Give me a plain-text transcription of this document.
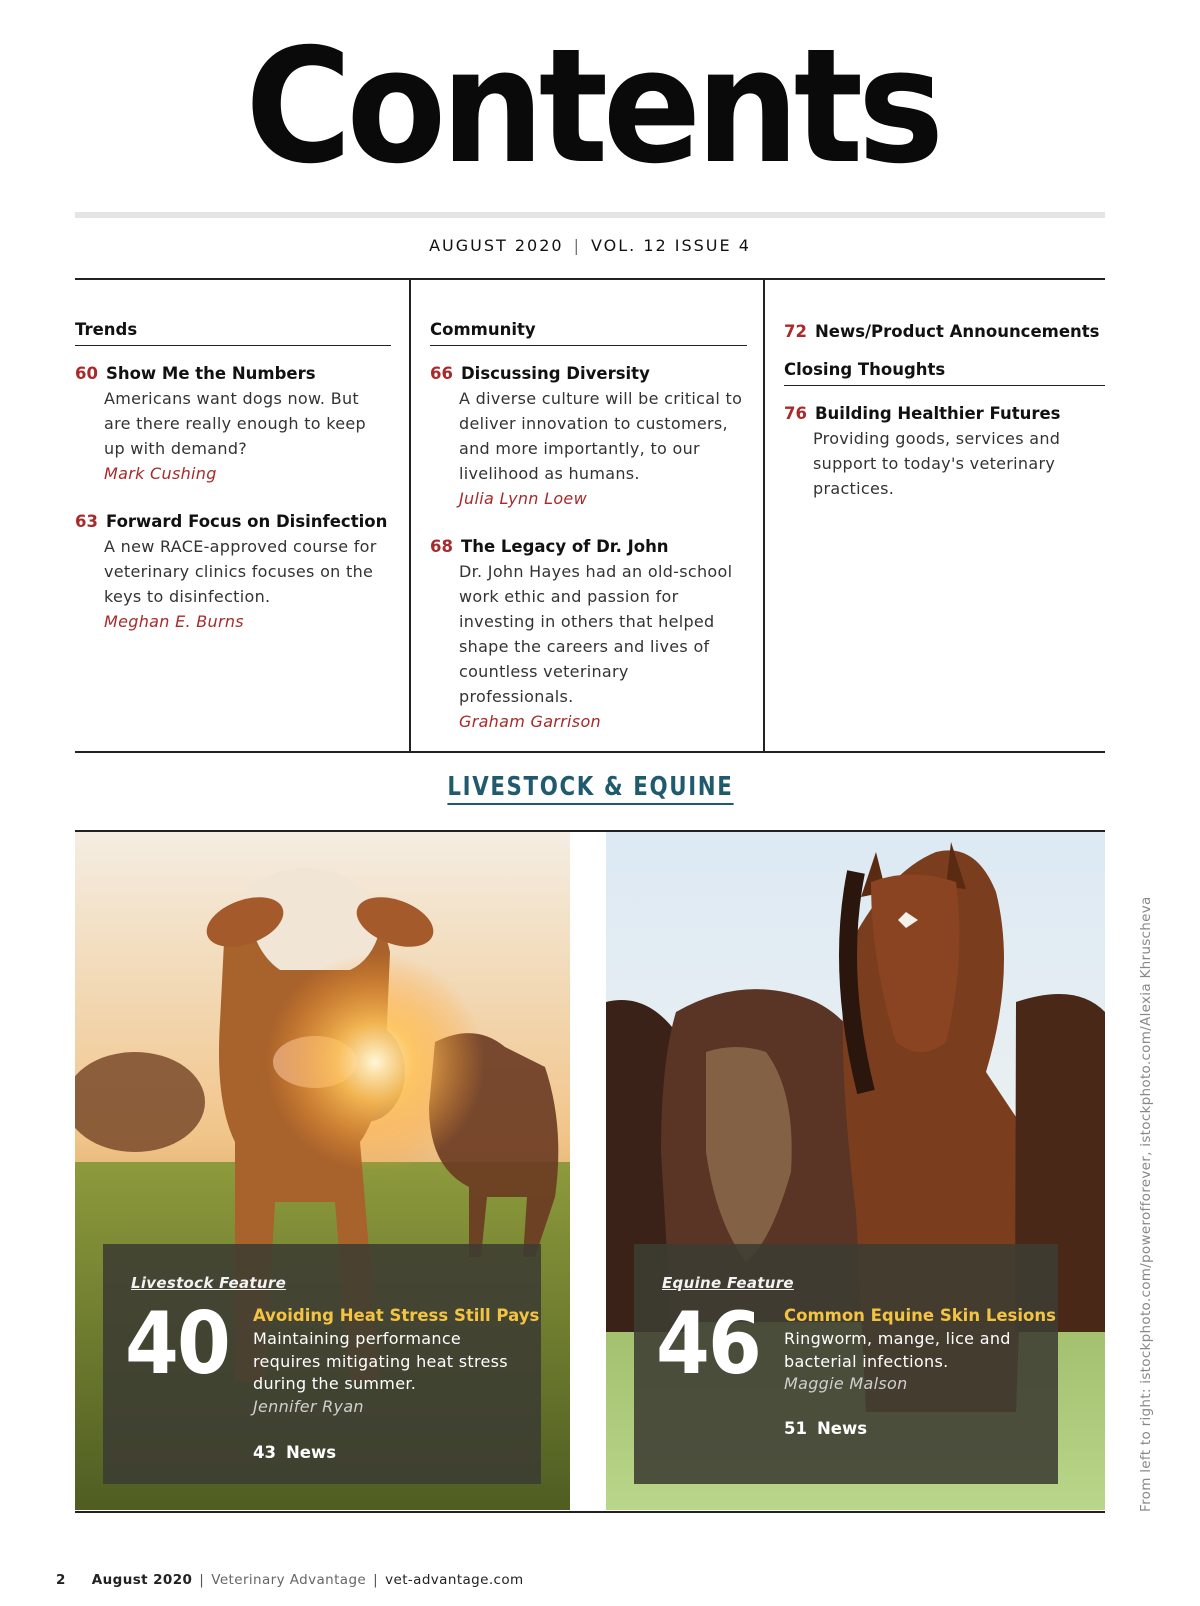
Contents
AUGUST 2020 | VOL. 12 ISSUE 4
Trends
60 Show Me the Numbers
Americans want dogs now. But are there really enough to keep up with demand?
Mark Cushing
63 Forward Focus on Disinfection
A new RACE-approved course for veterinary clinics focuses on the keys to disinfection.
Meghan E. Burns
Community
66 Discussing Diversity
A diverse culture will be critical to deliver innovation to customers, and more importantly, to our livelihood as humans.
Julia Lynn Loew
68 The Legacy of Dr. John
Dr. John Hayes had an old-school work ethic and passion for investing in others that helped shape the careers and lives of countless veterinary professionals.
Graham Garrison
72 News/Product Announcements
Closing Thoughts
76 Building Healthier Futures
Providing goods, services and support to today's veterinary practices.
LIVESTOCK & EQUINE
Livestock Feature
40 Avoiding Heat Stress Still Pays
Maintaining performance requires mitigating heat stress during the summer.
Jennifer Ryan
43 News
Equine Feature
46 Common Equine Skin Lesions
Ringworm, mange, lice and bacterial infections.
Maggie Malson
51 News	From left to right: istockphoto.com/powerofforever, istockphoto.com/Alexia Khruscheva
2 August 2020 | Veterinary Advantage | vet-advantage.com
